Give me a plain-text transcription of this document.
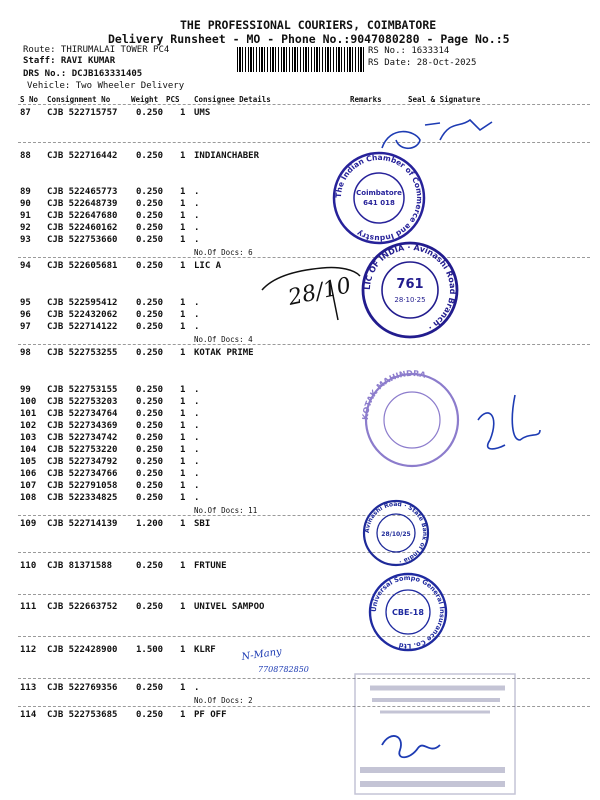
THE PROFESSIONAL COURIERS, COIMBATORE
Delivery Runsheet - MO - Phone No.:9047080280 - Page No.:5
Route: THIRUMALAI TOWER PC4
Staff: RAVI KUMAR
DRS No.: DCJB163331405
Vehicle: Two Wheeler Delivery
RS No.: 1633314
RS Date: 28-Oct-2025
S No Consignment No	Weight PCS Consignee Details	Remarks	Seal & Signature
87 CJB 522715757 0.250 1 UMS
88 CJB 522716442 0.250 1 INDIANCHABER
89 CJB 522465773 0.250 1 .
90 CJB 522648739 0.250 1 .
91 CJB 522647680 0.250 1 .
92 CJB 522460162 0.250 1 .
93 CJB 522753660 0.250 1 .
No.Of Docs: 6
94 CJB 522605681 0.250 1 LIC A
95 CJB 522595412 0.250 1 .
96 CJB 522432062 0.250 1 .
97 CJB 522714122 0.250 1 .
No.Of Docs: 4
98 CJB 522753255 0.250 1 KOTAK PRIME
99 CJB 522753155 0.250 1 .
100 CJB 522753203 0.250 1 .
101 CJB 522734764 0.250 1 .
102 CJB 522734369 0.250 1 .
103 CJB 522734742 0.250 1 .
104 CJB 522753220 0.250 1 .
105 CJB 522734792 0.250 1 .
106 CJB 522734766 0.250 1 .
107 CJB 522791058 0.250 1 .
108 CJB 522334825 0.250 1 .
No.Of Docs: 11
109 CJB 522714139 1.200 1 SBI
110 CJB 81371588	0.250 1 FRTUNE
111 CJB 522663752 0.250 1 UNIVEL SAMPOO
112 CJB 522428900 1.500 1 KLRF
113 CJB 522769356 0.250 1 .
No.Of Docs: 2
114 CJB 522753685 0.250 1 PF OFF
The Indian Chamber of Commerce and Industry
Coimbatore
641 018
LIC OF INDIA · Avinashi Road Branch ·
761
28·10·25
28/10
KOTAK MAHINDRA
Avinashi Road · State Bank of India ·
28/10/25
Universal Sompo General Insurance Co. Ltd
CBE-18
N-Many
7708782850
